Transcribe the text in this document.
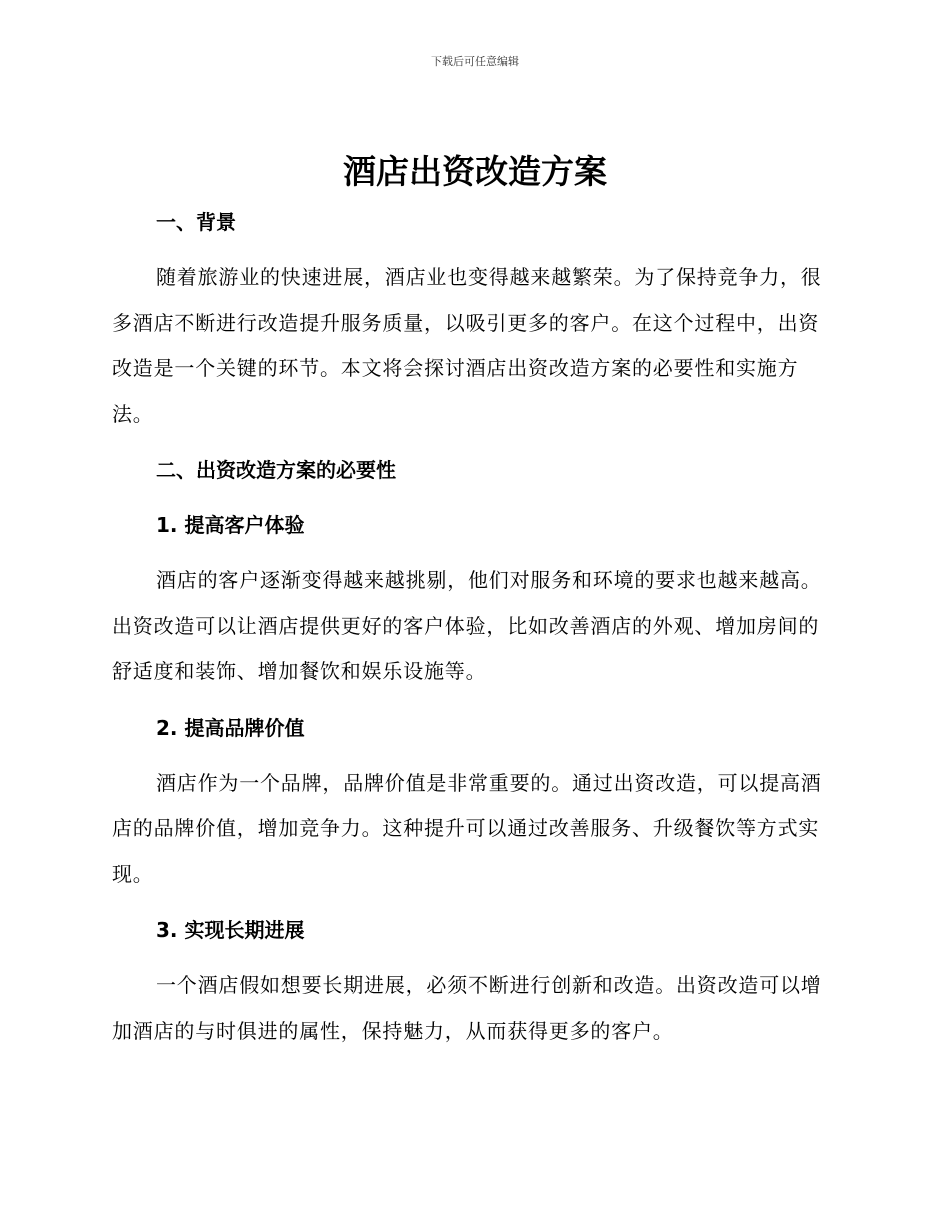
下载后可任意编辑
酒店出资改造方案
一、背景

随着旅游业的快速进展，酒店业也变得越来越繁荣。为了保持竞争力，很多酒店不断进行改造提升服务质量，以吸引更多的客户。在这个过程中，出资改造是一个关键的环节。本文将会探讨酒店出资改造方案的必要性和实施方法。

二、出资改造方案的必要性
1. 提高客户体验

酒店的客户逐渐变得越来越挑剔，他们对服务和环境的要求也越来越高。出资改造可以让酒店提供更好的客户体验，比如改善酒店的外观、增加房间的舒适度和装饰、增加餐饮和娱乐设施等。

2. 提高品牌价值

酒店作为一个品牌，品牌价值是非常重要的。通过出资改造，可以提高酒店的品牌价值，增加竞争力。这种提升可以通过改善服务、升级餐饮等方式实现。

3. 实现长期进展

一个酒店假如想要长期进展，必须不断进行创新和改造。出资改造可以增加酒店的与时俱进的属性，保持魅力，从而获得更多的客户。
